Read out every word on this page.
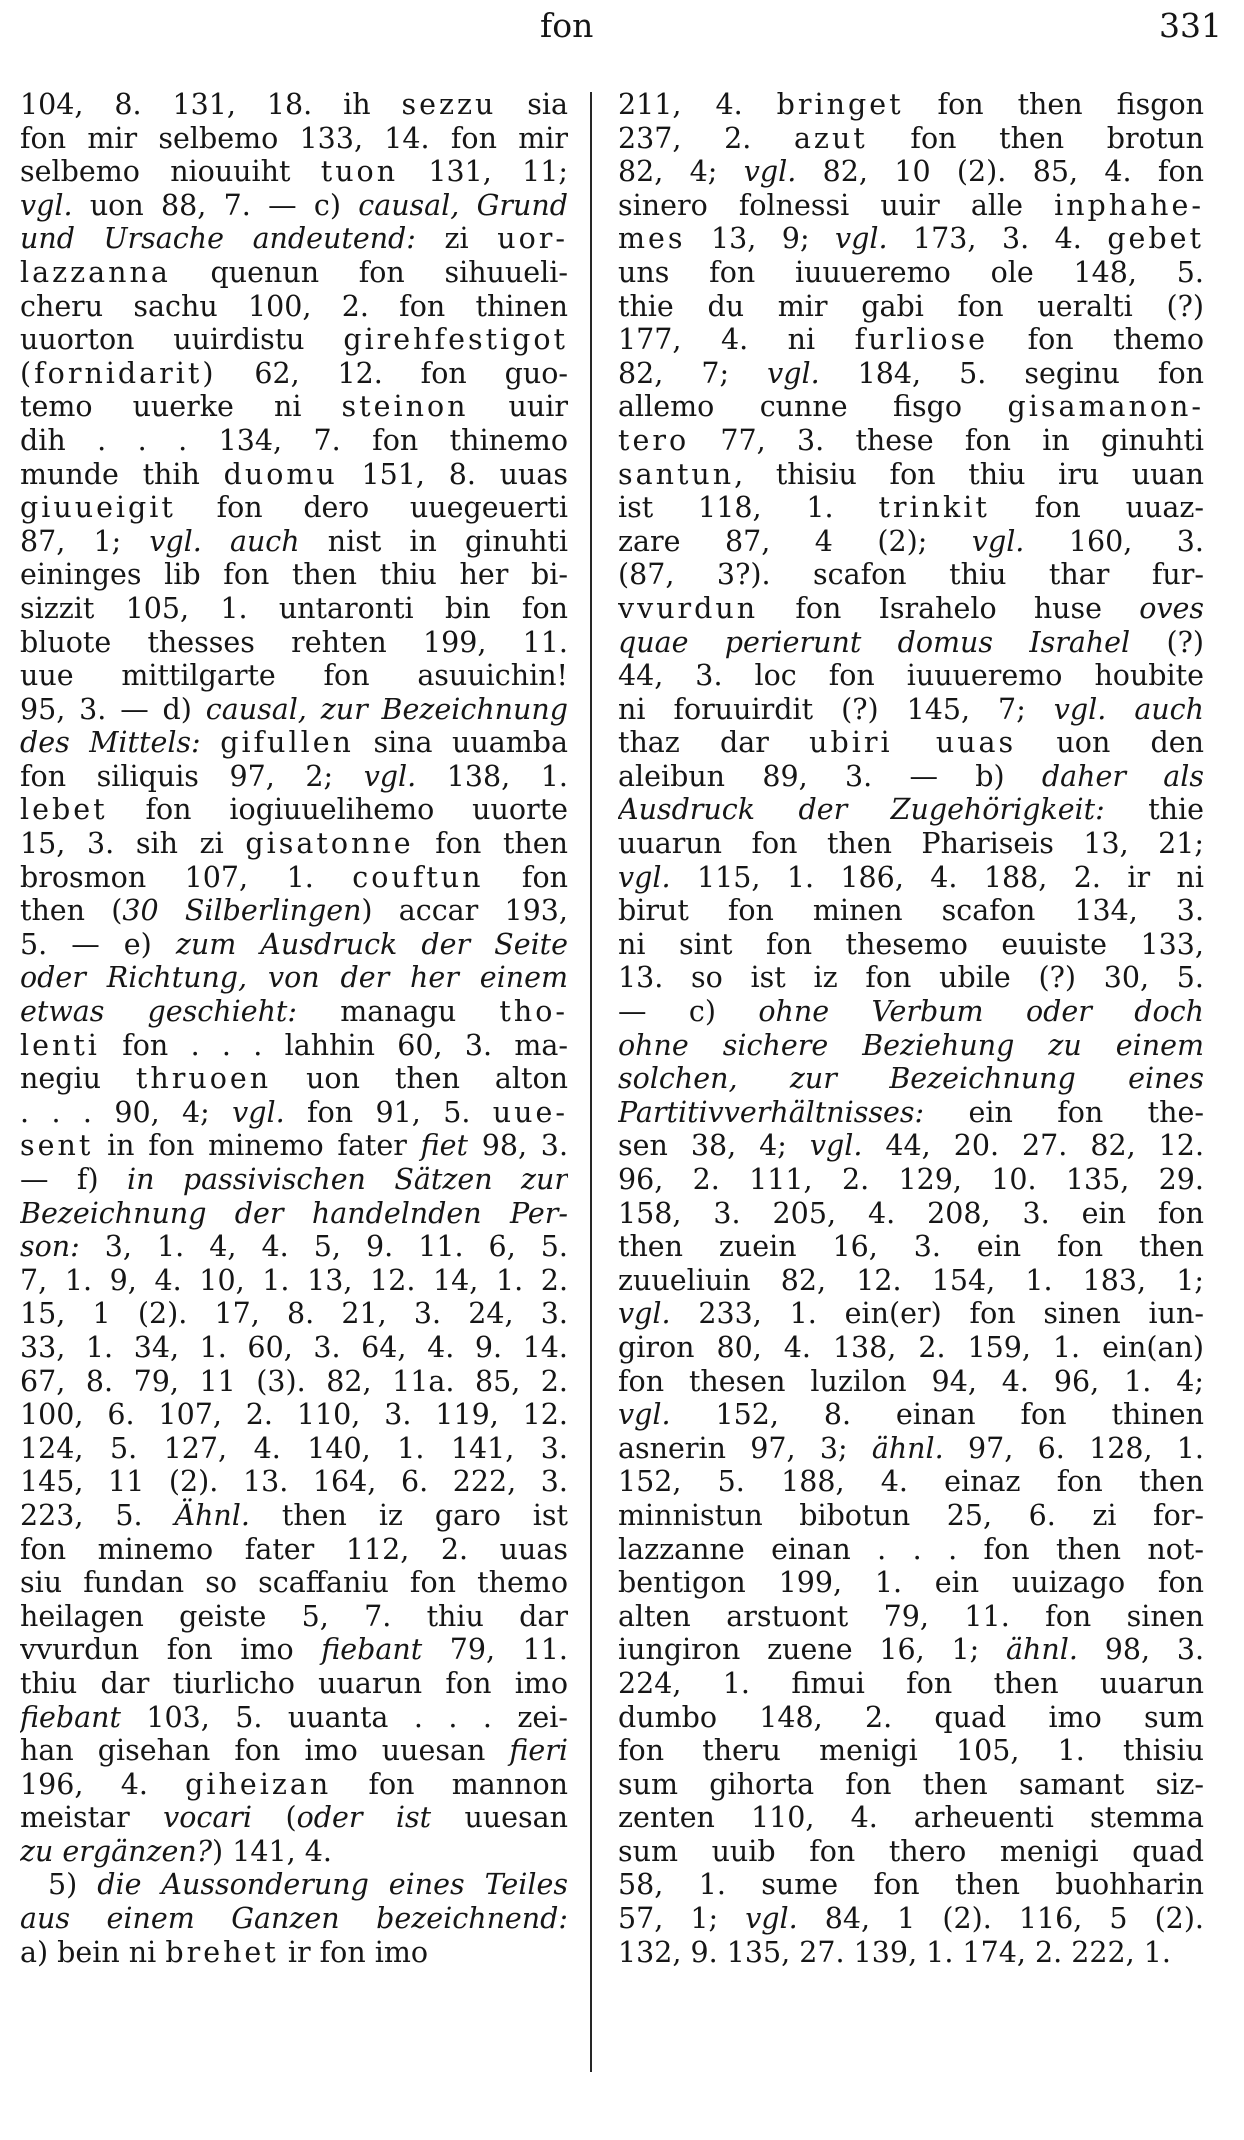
fon	331
104, 8. 131, 18. ih sezzu sia
fon mir selbemo 133, 14. fon mir
selbemo niouuiht tuon 131, 11;
vgl. uon 88, 7. — c) causal, Grund
und Ursache andeutend: zi uor-
lazzanna quenun fon sihuueli-
cheru sachu 100, 2. fon thinen
uuorton uuirdistu girehfestigot
(fornidarit) 62, 12. fon guo-
temo uuerke ni steinon uuir
dih . . . 134, 7. fon thinemo
munde thih duomu 151, 8. uuas
giuueigit fon dero uuegeuerti
87, 1; vgl. auch nist in ginuhti
eininges lib fon then thiu her bi-
sizzit 105, 1. untaronti bin fon
bluote thesses rehten 199, 11.
uue mittilgarte fon asuuichin!
95, 3. — d) causal, zur Bezeichnung
des Mittels: gifullen sina uuamba
fon siliquis 97, 2; vgl. 138, 1.
lebet fon iogiuuelihemo uuorte
15, 3. sih zi gisatonne fon then
brosmon 107, 1. couftun fon
then (30 Silberlingen) accar 193,
5. — e) zum Ausdruck der Seite
oder Richtung, von der her einem
etwas geschieht: managu tho-
lenti fon . . . lahhin 60, 3. ma-
negiu thruoen uon then alton
. . . 90, 4; vgl. fon 91, 5. uue-
sent in fon minemo fater fiet 98, 3.
— f) in passivischen Sätzen zur
Bezeichnung der handelnden Per-
son: 3, 1. 4, 4. 5, 9. 11. 6, 5.
7, 1. 9, 4. 10, 1. 13, 12. 14, 1. 2.
15, 1 (2). 17, 8. 21, 3. 24, 3.
33, 1. 34, 1. 60, 3. 64, 4. 9. 14.
67, 8. 79, 11 (3). 82, 11a. 85, 2.
100, 6. 107, 2. 110, 3. 119, 12.
124, 5. 127, 4. 140, 1. 141, 3.
145, 11 (2). 13. 164, 6. 222, 3.
223, 5. Ähnl. then iz garo ist
fon minemo fater 112, 2. uuas
siu fundan so scaffaniu fon themo
heilagen geiste 5, 7. thiu dar
vvurdun fon imo fiebant 79, 11.
thiu dar tiurlicho uuarun fon imo
fiebant 103, 5. uuanta . . . zei-
han gisehan fon imo uuesan fieri
196, 4. giheizan fon mannon
meistar vocari (oder ist uuesan
zu ergänzen?) 141, 4.
5) die Aussonderung eines Teiles
aus einem Ganzen bezeichnend:
a) bein ni brehet ir fon imo
211, 4. bringet fon then fisgon
237, 2. azut fon then brotun
82, 4; vgl. 82, 10 (2). 85, 4. fon
sinero folnessi uuir alle inphahe-
mes 13, 9; vgl. 173, 3. 4. gebet
uns fon iuuueremo ole 148, 5.
thie du mir gabi fon ueralti (?)
177, 4. ni furliose fon themo
82, 7; vgl. 184, 5. seginu fon
allemo cunne fisgo gisamanon-
tero 77, 3. these fon in ginuhti
santun, thisiu fon thiu iru uuan
ist 118, 1. trinkit fon uuaz-
zare 87, 4 (2); vgl. 160, 3.
(87, 3?). scafon thiu thar fur-
vvurdun fon Israhelo huse oves
quae perierunt domus Israhel (?)
44, 3. loc fon iuuueremo houbite
ni foruuirdit (?) 145, 7; vgl. auch
thaz dar ubiri uuas uon den
aleibun 89, 3. — b) daher als
Ausdruck der Zugehörigkeit: thie
uuarun fon then Phariseis 13, 21;
vgl. 115, 1. 186, 4. 188, 2. ir ni
birut fon minen scafon 134, 3.
ni sint fon thesemo euuiste 133,
13. so ist iz fon ubile (?) 30, 5.
— c) ohne Verbum oder doch
ohne sichere Beziehung zu einem
solchen, zur Bezeichnung eines
Partitivverhältnisses: ein fon the-
sen 38, 4; vgl. 44, 20. 27. 82, 12.
96, 2. 111, 2. 129, 10. 135, 29.
158, 3. 205, 4. 208, 3. ein fon
then zuein 16, 3. ein fon then
zuueliuin 82, 12. 154, 1. 183, 1;
vgl. 233, 1. ein(er) fon sinen iun-
giron 80, 4. 138, 2. 159, 1. ein(an)
fon thesen luzilon 94, 4. 96, 1. 4;
vgl. 152, 8. einan fon thinen
asnerin 97, 3; ähnl. 97, 6. 128, 1.
152, 5. 188, 4. einaz fon then
minnistun bibotun 25, 6. zi for-
lazzanne einan . . . fon then not-
bentigon 199, 1. ein uuizago fon
alten arstuont 79, 11. fon sinen
iungiron zuene 16, 1; ähnl. 98, 3.
224, 1. fimui fon then uuarun
dumbo 148, 2. quad imo sum
fon theru menigi 105, 1. thisiu
sum gihorta fon then samant siz-
zenten 110, 4. arheuenti stemma
sum uuib fon thero menigi quad
58, 1. sume fon then buohharin
57, 1; vgl. 84, 1 (2). 116, 5 (2).
132, 9. 135, 27. 139, 1. 174, 2. 222, 1.
